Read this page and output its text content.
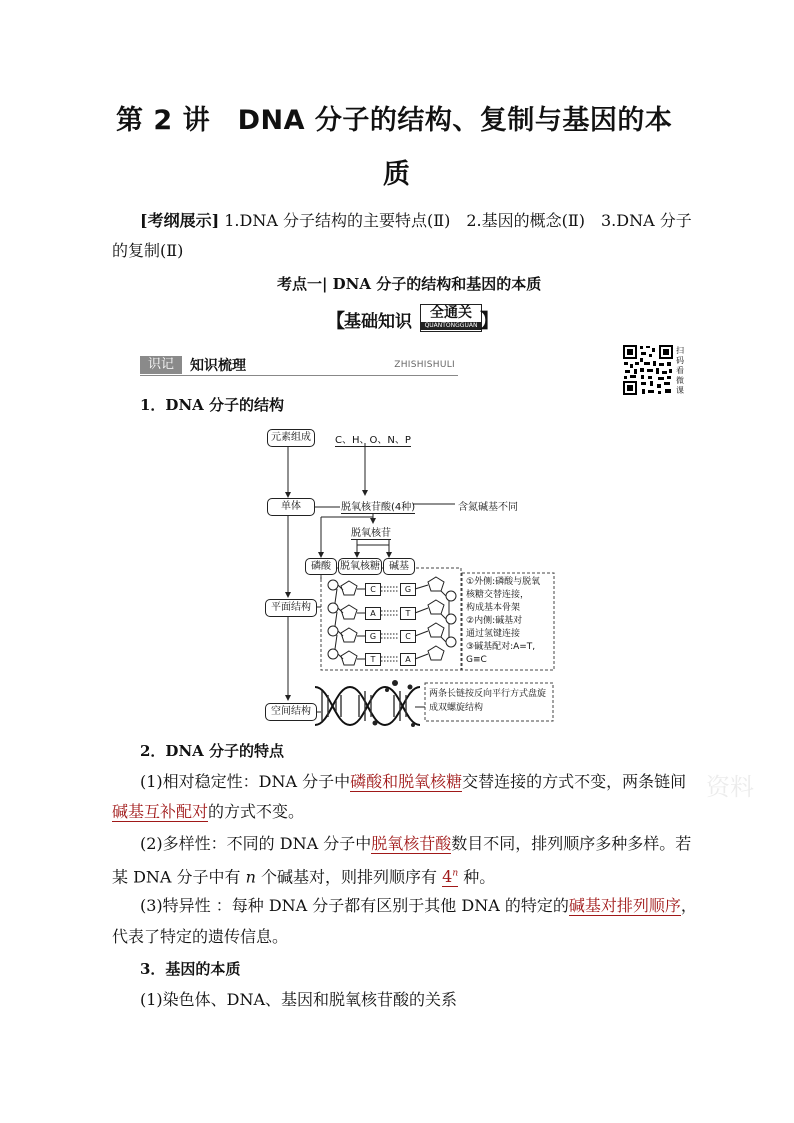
第 2 讲　DNA 分子的结构、复制与基因的本
质
[考纲展示] 1.DNA 分子结构的主要特点(Ⅱ)　2.基因的概念(Ⅱ)　3.DNA 分子
的复制(Ⅱ)
考点一| DNA 分子的结构和基因的本质
【
基础知识	全通关
QUANTONGGUAN 】
识记	知识梳理	ZHISHISHULI
扫码看微课
1．DNA 分子的结构
元素组成	C、H、O、N、P
单体	脱氧核苷酸(4种)	含氮碱基不同
脱氧核苷
磷酸 脱氧核糖 碱基
平面结构
空间结构
C	G
A	T
G	C
T	A
①外侧:磷酸与脱氧
核糖交替连接，
构成基本骨架
②内侧:碱基对
通过氢键连接
③碱基配对:A=T,
G≡C
两条长链按反向平行方式盘旋
成双螺旋结构
2．DNA 分子的特点
(1)相对稳定性：DNA 分子中磷酸和脱氧核糖交替连接的方式不变，两条链间
碱基互补配对的方式不变。
(2)多样性：不同的 DNA 分子中脱氧核苷酸数目不同，排列顺序多种多样。若
某 DNA 分子中有 n 个碱基对，则排列顺序有 4$^n$ 种。
(3)特异性 ：每种 DNA 分子都有区别于其他 DNA 的特定的碱基对排列顺序，
代表了特定的遗传信息。
3．基因的本质
(1)染色体、DNA、基因和脱氧核苷酸的关系
资料
